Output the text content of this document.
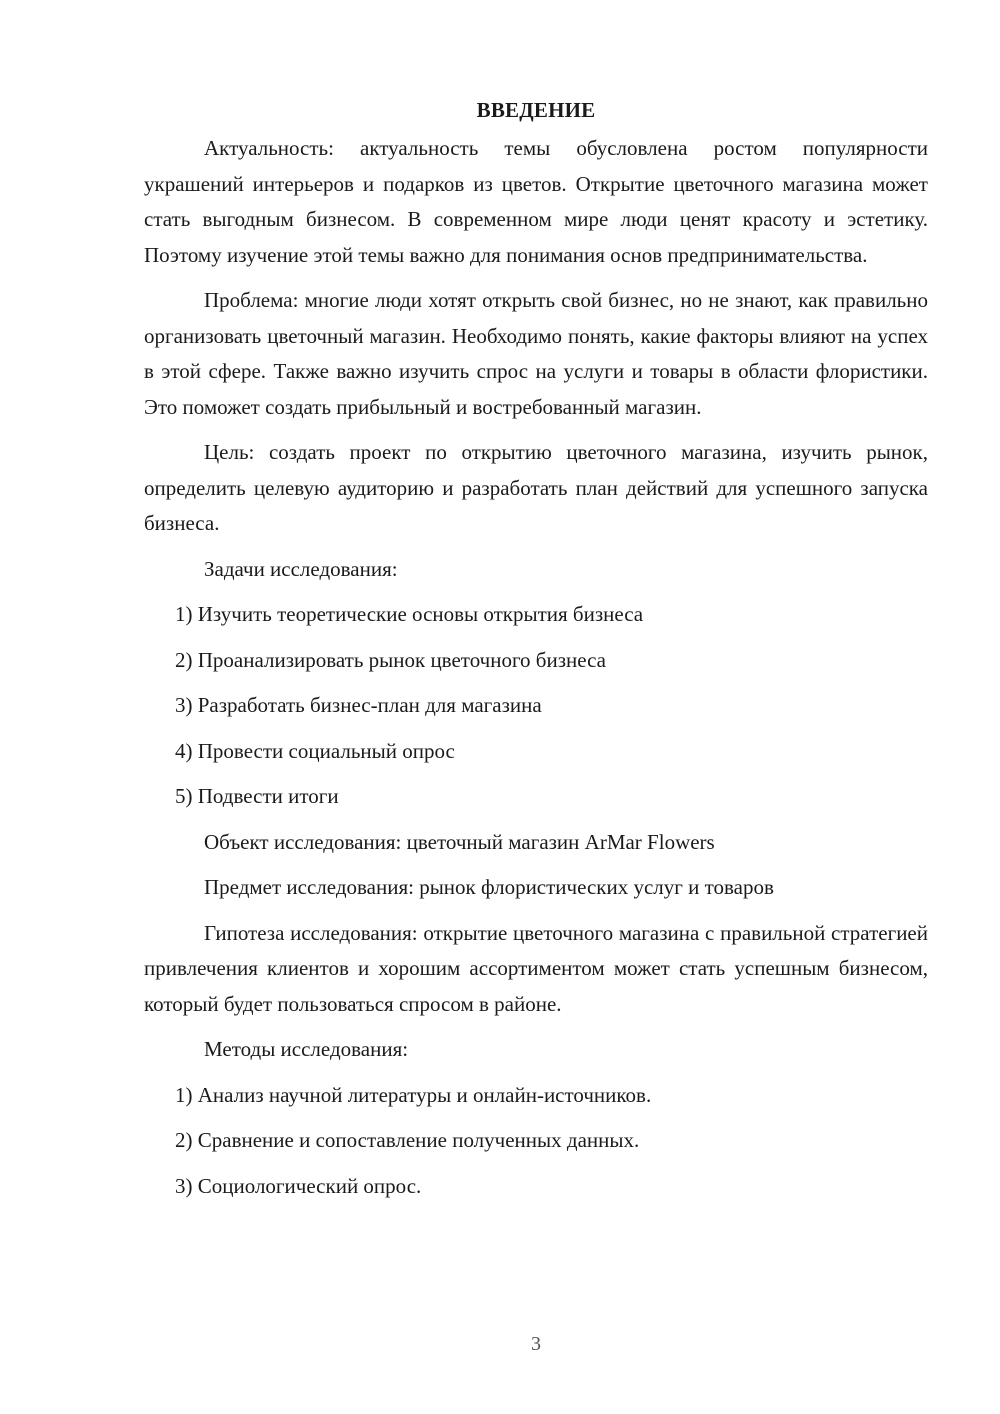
ВВЕДЕНИЕ

Актуальность: актуальность темы обусловлена ростом популярности украшений интерьеров и подарков из цветов. Открытие цветочного магазина может стать выгодным бизнесом. В современном мире люди ценят красоту и эстетику. Поэтому изучение этой темы важно для понимания основ предпринимательства.

Проблема: многие люди хотят открыть свой бизнес, но не знают, как правильно организовать цветочный магазин. Необходимо понять, какие факторы влияют на успех в этой сфере. Также важно изучить спрос на услуги и товары в области флористики. Это поможет создать прибыльный и востребованный магазин.

Цель: создать проект по открытию цветочного магазина, изучить рынок, определить целевую аудиторию и разработать план действий для успешного запуска бизнеса.

Задачи исследования:
1) Изучить теоретические основы открытия бизнеса
2) Проанализировать рынок цветочного бизнеса
3) Разработать бизнес-план для магазина
4) Провести социальный опрос
5) Подвести итоги
Объект исследования: цветочный магазин ArMar Flowers
Предмет исследования: рынок флористических услуг и товаров

Гипотеза исследования: открытие цветочного магазина с правильной стратегией привлечения клиентов и хорошим ассортиментом может стать успешным бизнесом, который будет пользоваться спросом в районе.

Методы исследования:
1) Анализ научной литературы и онлайн-источников.
2) Сравнение и сопоставление полученных данных.
3) Социологический опрос.
3
